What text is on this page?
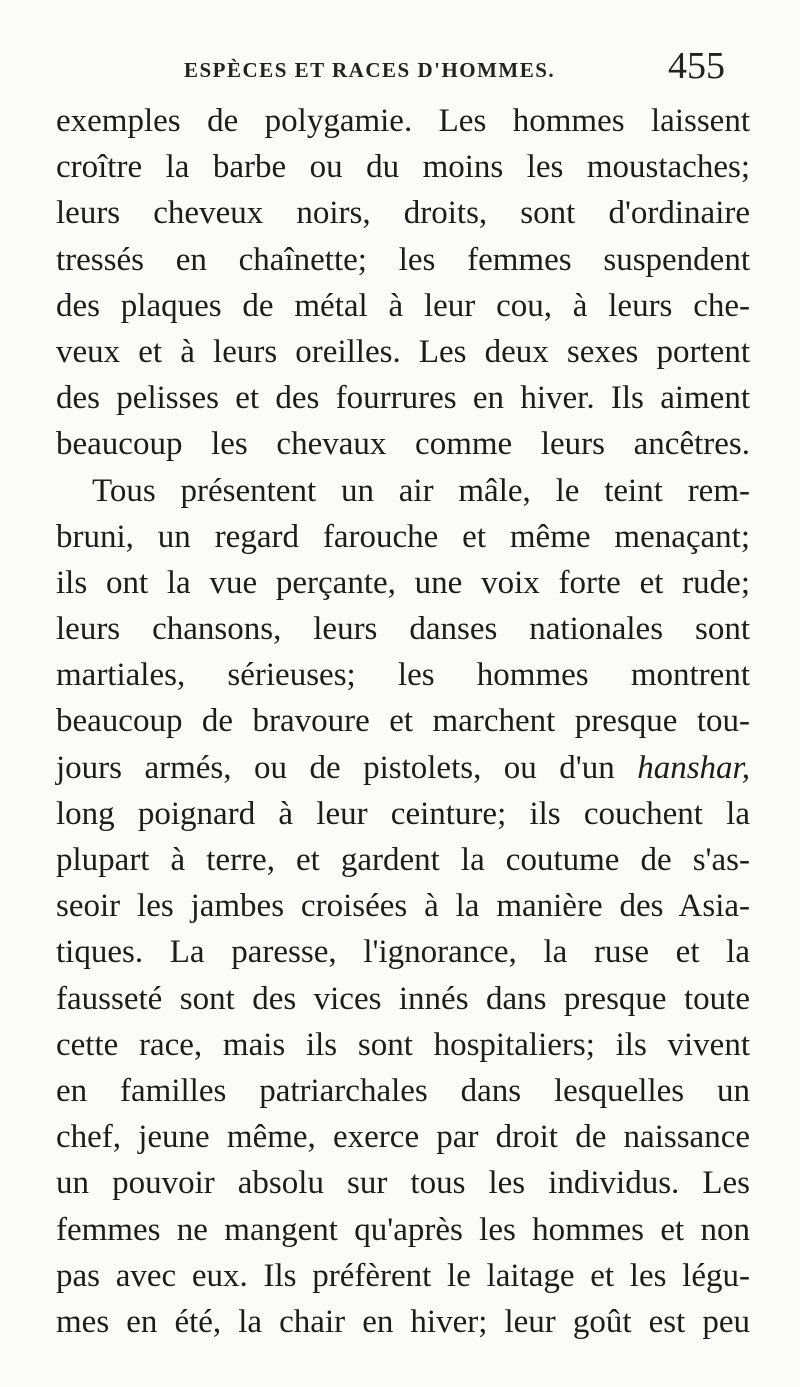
ESPÈCES ET RACES D'HOMMES.	455
exemples de polygamie. Les hommes laissent
croître la barbe ou du moins les moustaches;
leurs cheveux noirs, droits, sont d'ordinaire
tressés en chaînette; les femmes suspendent
des plaques de métal à leur cou, à leurs che-
veux et à leurs oreilles. Les deux sexes portent
des pelisses et des fourrures en hiver. Ils aiment
beaucoup les chevaux comme leurs ancêtres.
Tous présentent un air mâle, le teint rem-
bruni, un regard farouche et même menaçant;
ils ont la vue perçante, une voix forte et rude;
leurs chansons, leurs danses nationales sont
martiales, sérieuses; les hommes montrent
beaucoup de bravoure et marchent presque tou-
jours armés, ou de pistolets, ou d'un hanshar,
long poignard à leur ceinture; ils couchent la
plupart à terre, et gardent la coutume de s'as-
seoir les jambes croisées à la manière des Asia-
tiques. La paresse, l'ignorance, la ruse et la
fausseté sont des vices innés dans presque toute
cette race, mais ils sont hospitaliers; ils vivent
en familles patriarchales dans lesquelles un
chef, jeune même, exerce par droit de naissance
un pouvoir absolu sur tous les individus. Les
femmes ne mangent qu'après les hommes et non
pas avec eux. Ils préfèrent le laitage et les légu-
mes en été, la chair en hiver; leur goût est peu
